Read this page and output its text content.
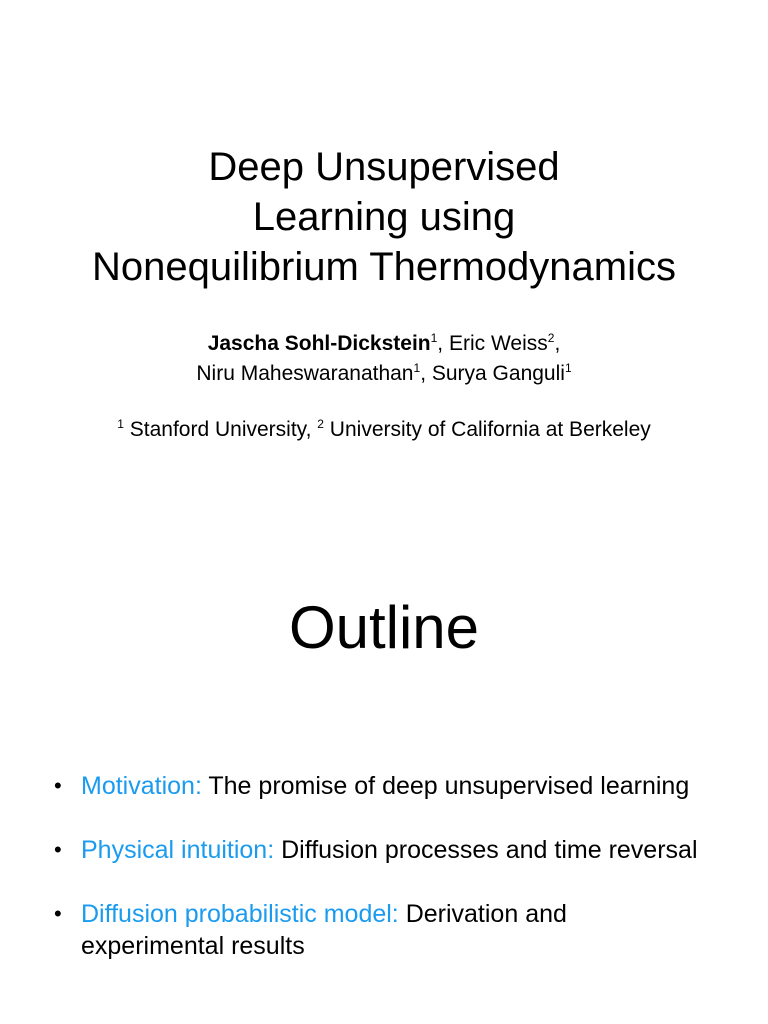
Deep Unsupervised
Learning using
Nonequilibrium Thermodynamics
Jascha Sohl-Dickstein$^1$, Eric Weiss$^2$,
Niru Maheswaranathan$^1$, Surya Ganguli$^1$
$^1$ Stanford University, $^2$ University of California at Berkeley
Outline
• Motivation: The promise of deep unsupervised learning
• Physical intuition: Diffusion processes and time reversal
• Diffusion probabilistic model: Derivation and experimental results
